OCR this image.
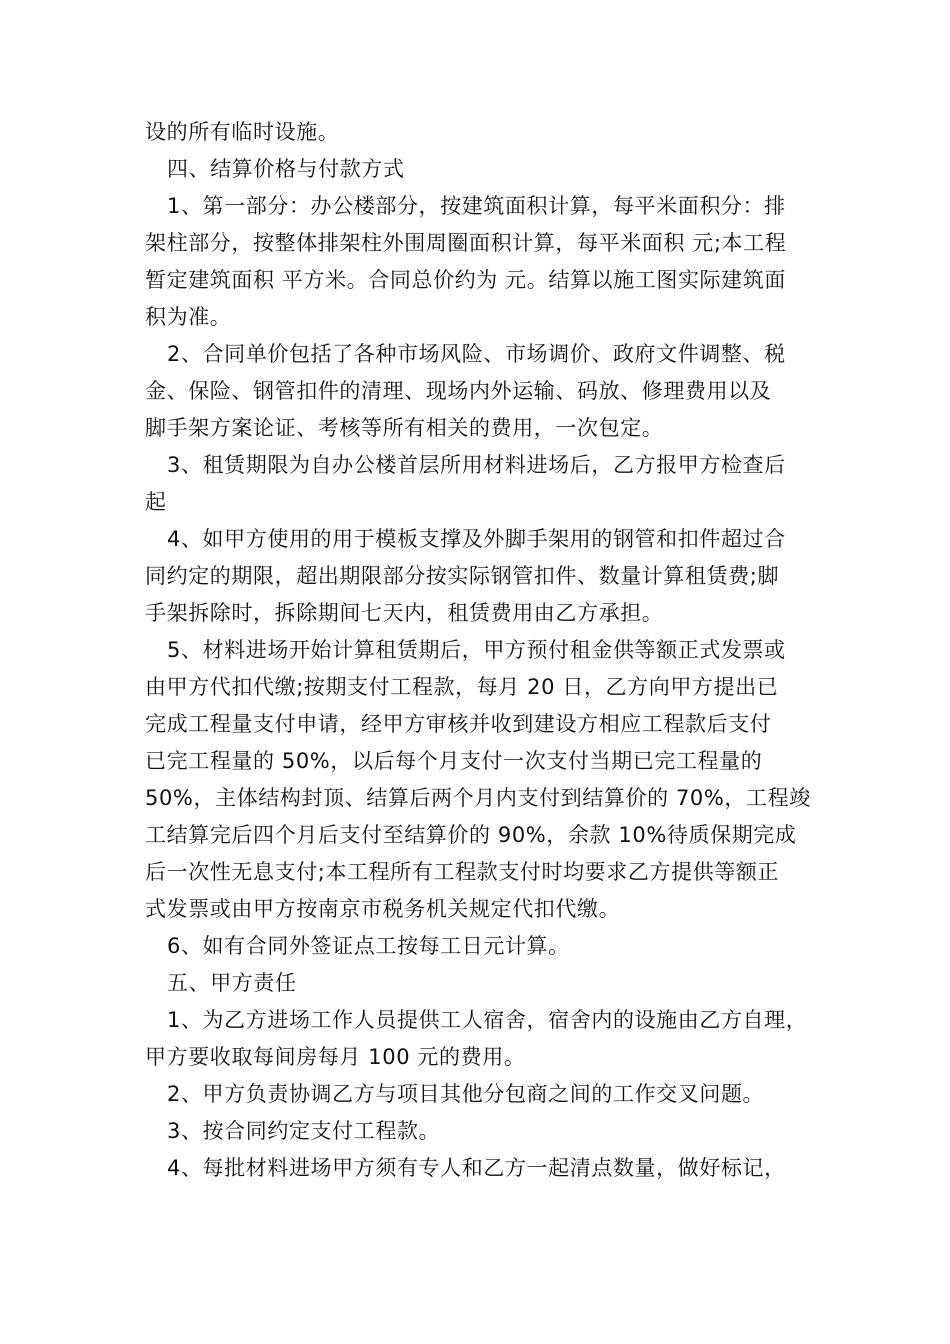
设的所有临时设施。
四、结算价格与付款方式
1、第一部分：办公楼部分，按建筑面积计算，每平米面积分：排
架柱部分，按整体排架柱外围周圈面积计算，每平米面积 元;本工程
暂定建筑面积 平方米。合同总价约为 元。结算以施工图实际建筑面
积为准。
2、合同单价包括了各种市场风险、市场调价、政府文件调整、税
金、保险、钢管扣件的清理、现场内外运输、码放、修理费用以及
脚手架方案论证、考核等所有相关的费用，一次包定。
3、租赁期限为自办公楼首层所用材料进场后，乙方报甲方检查后
起
4、如甲方使用的用于模板支撑及外脚手架用的钢管和扣件超过合
同约定的期限，超出期限部分按实际钢管扣件、数量计算租赁费;脚
手架拆除时，拆除期间七天内，租赁费用由乙方承担。
5、材料进场开始计算租赁期后，甲方预付租金供等额正式发票或
由甲方代扣代缴;按期支付工程款，每月 20 日，乙方向甲方提出已
完成工程量支付申请，经甲方审核并收到建设方相应工程款后支付
已完工程量的 50%，以后每个月支付一次支付当期已完工程量的
50%，主体结构封顶、结算后两个月内支付到结算价的 70%，工程竣
工结算完后四个月后支付至结算价的 90%，余款 10%待质保期完成
后一次性无息支付;本工程所有工程款支付时均要求乙方提供等额正
式发票或由甲方按南京市税务机关规定代扣代缴。
6、如有合同外签证点工按每工日元计算。
五、甲方责任
1、为乙方进场工作人员提供工人宿舍，宿舍内的设施由乙方自理，
甲方要收取每间房每月 100 元的费用。
2、甲方负责协调乙方与项目其他分包商之间的工作交叉问题。
3、按合同约定支付工程款。
4、每批材料进场甲方须有专人和乙方一起清点数量，做好标记，
